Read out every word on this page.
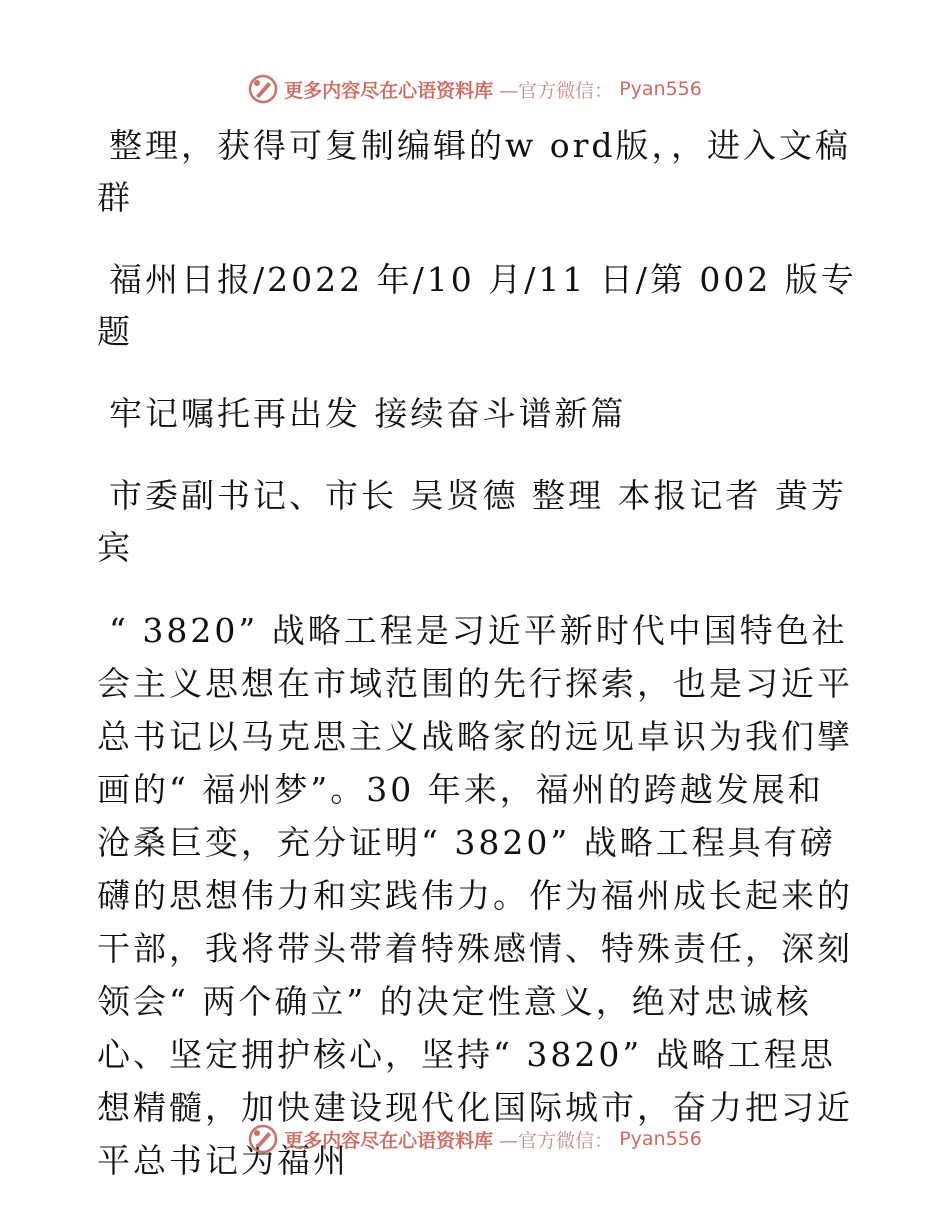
更多内容尽在心语资料库 —官方微信： Pyan556

整理，获得可复制编辑的w ord版，，进入文稿群

福州日报/2022 年/10 月/11 日/第 002 版专题

牢记嘱托再出发 接续奋斗谱新篇

市委副书记、市长 吴贤德 整理 本报记者 黄芳宾

“ 3820” 战略工程是习近平新时代中国特色社会主义思想在市域范围的先行探索，也是习近平总书记以马克思主义战略家的远见卓识为我们擘画的“ 福州梦”。30 年来，福州的跨越发展和沧桑巨变，充分证明“ 3820” 战略工程具有磅礴的思想伟力和实践伟力。作为福州成长起来的干部，我将带头带着特殊感情、特殊责任，深刻领会“ 两个确立” 的决定性意义，绝对忠诚核心、坚定拥护核心，坚持“ 3820” 战略工程思想精髓，加快建设现代化国际城市，奋力把习近平总书记为福州

更多内容尽在心语资料库 —官方微信： Pyan556
